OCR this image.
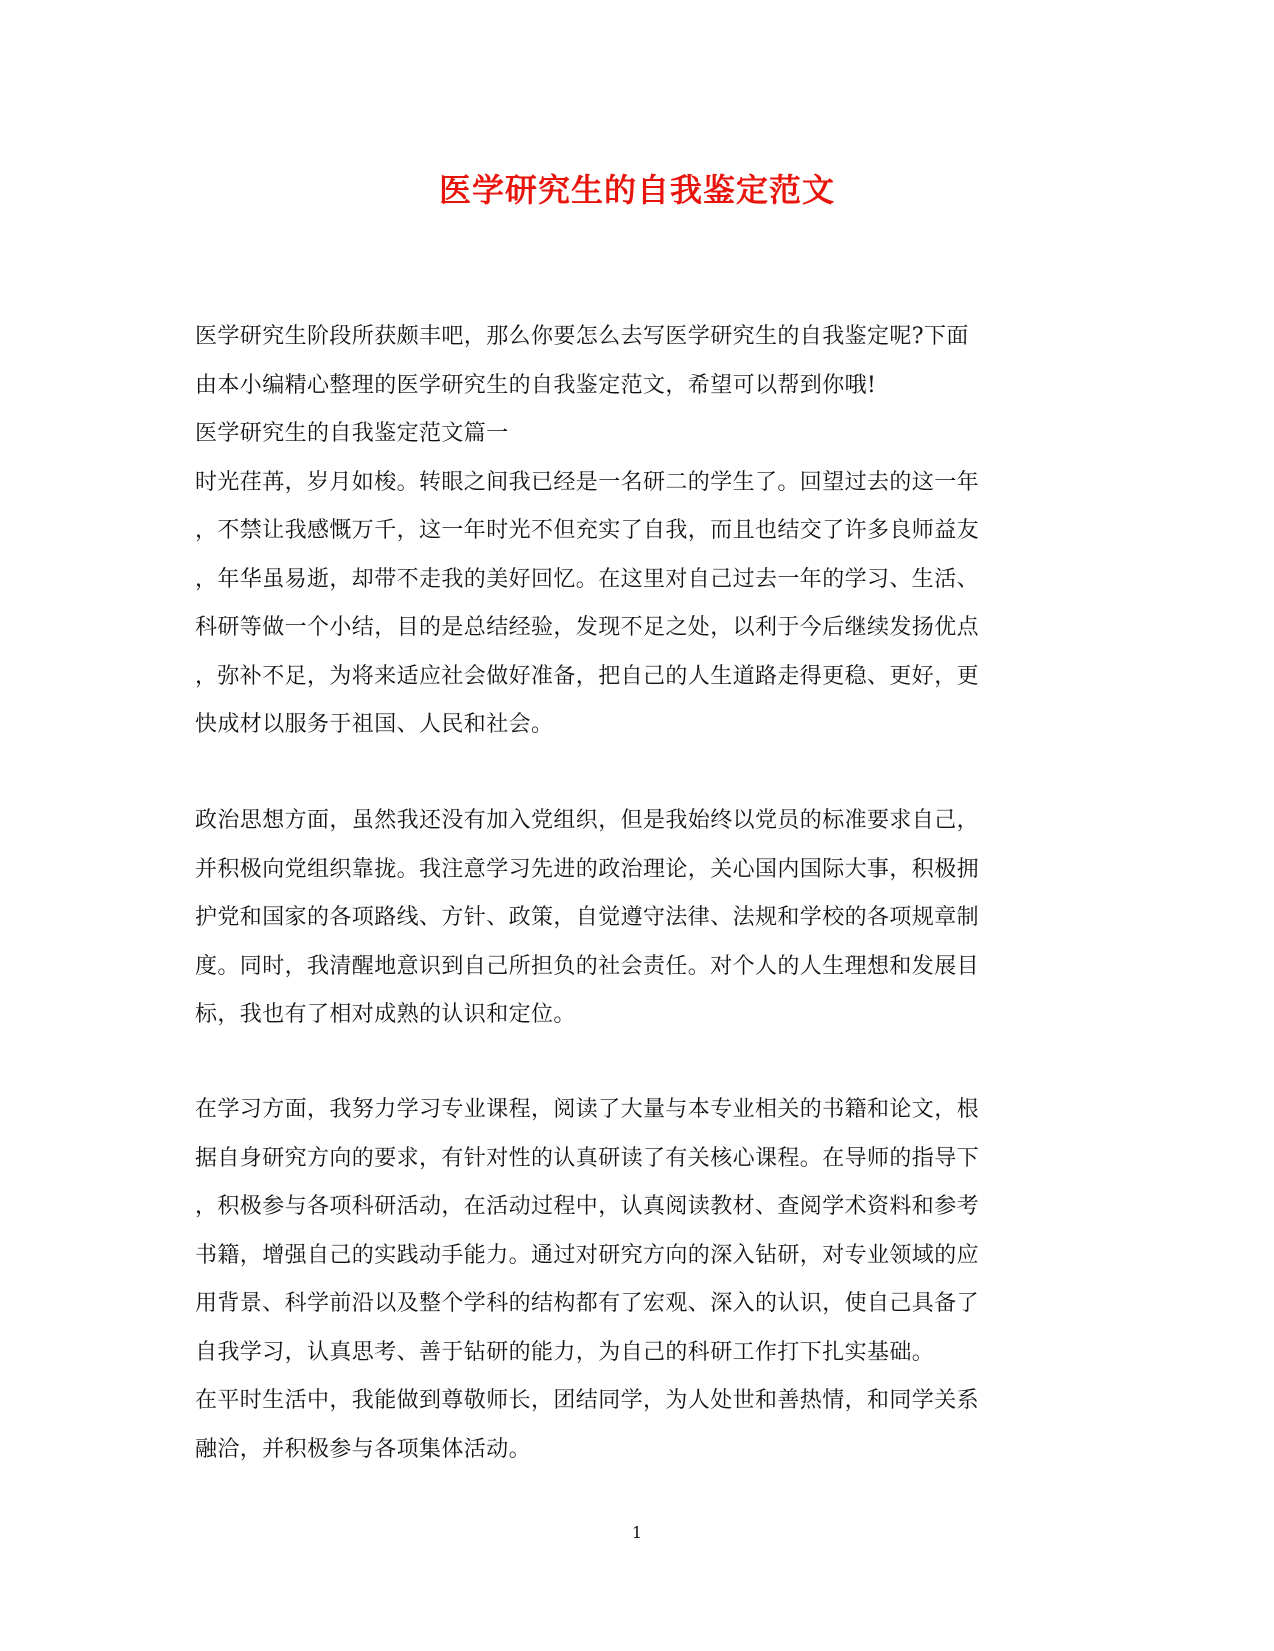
医学研究生的自我鉴定范文

医学研究生阶段所获颇丰吧，那么你要怎么去写医学研究生的自我鉴定呢?下面

由本小编精心整理的医学研究生的自我鉴定范文，希望可以帮到你哦!

医学研究生的自我鉴定范文篇一

时光荏苒，岁月如梭。转眼之间我已经是一名研二的学生了。回望过去的这一年

，不禁让我感慨万千，这一年时光不但充实了自我，而且也结交了许多良师益友

，年华虽易逝，却带不走我的美好回忆。在这里对自己过去一年的学习、生活、

科研等做一个小结，目的是总结经验，发现不足之处，以利于今后继续发扬优点

，弥补不足，为将来适应社会做好准备，把自己的人生道路走得更稳、更好，更

快成材以服务于祖国、人民和社会。

政治思想方面，虽然我还没有加入党组织，但是我始终以党员的标准要求自己，

并积极向党组织靠拢。我注意学习先进的政治理论，关心国内国际大事，积极拥

护党和国家的各项路线、方针、政策，自觉遵守法律、法规和学校的各项规章制

度。同时，我清醒地意识到自己所担负的社会责任。对个人的人生理想和发展目

标，我也有了相对成熟的认识和定位。

在学习方面，我努力学习专业课程，阅读了大量与本专业相关的书籍和论文，根

据自身研究方向的要求，有针对性的认真研读了有关核心课程。在导师的指导下

，积极参与各项科研活动，在活动过程中，认真阅读教材、查阅学术资料和参考

书籍，增强自己的实践动手能力。通过对研究方向的深入钻研，对专业领域的应

用背景、科学前沿以及整个学科的结构都有了宏观、深入的认识，使自己具备了

自我学习，认真思考、善于钻研的能力，为自己的科研工作打下扎实基础。

在平时生活中，我能做到尊敬师长，团结同学，为人处世和善热情，和同学关系

融洽，并积极参与各项集体活动。

1
